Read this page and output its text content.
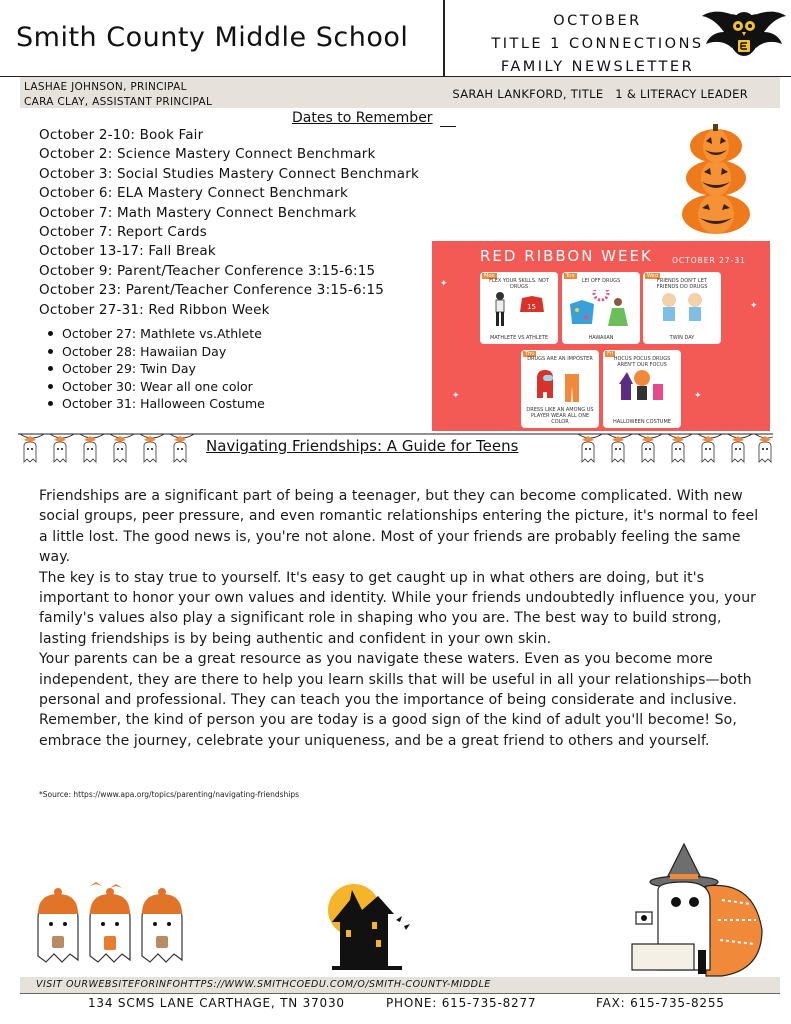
Smith County Middle School
OCTOBER
TITLE 1 CONNECTIONS
FAMILY NEWSLETTER
LASHAE JOHNSON, PRINCIPAL
CARA CLAY, ASSISTANT PRINCIPAL
SARAH LANKFORD, TITLE   1 & LITERACY LEADER
Dates to Remember
October 2-10: Book Fair
October 2: Science Mastery Connect Benchmark
October 3: Social Studies Mastery Connect Benchmark
October 6: ELA Mastery Connect Benchmark
October 7: Math Mastery Connect Benchmark
October 7: Report Cards
October 13-17: Fall Break
October 9: Parent/Teacher Conference 3:15-6:15
October 23: Parent/Teacher Conference 3:15-6:15
October 27-31: Red Ribbon Week
October 27: Mathlete vs.Athlete
October 28: Hawaiian Day
October 29: Twin Day
October 30: Wear all one color
October 31: Halloween Costume
RED RIBBON WEEK	OCTOBER 27-31
✦
✦
✦	✦
Mon
FLEX YOUR SKILLS. NOT DRUGS
15
MATHLETE VS ATHLETE
Tue
LEI OFF DRUGS
HAWAIIAN
Wed
FRIENDS DON'T LET FRIENDS DO DRUGS
TWIN DAY
Thu
DRUGS ARE AN IMPOSTER
DRESS LIKE AN AMONG US PLAYER WEAR ALL ONE COLOR
Fri
HOCUS POCUS DRUGS AREN'T OUR FOCUS
HALLOWEEN COSTUME
Navigating Friendships: A Guide for Teens

Friendships are a significant part of being a teenager, but they can become complicated. With new social groups, peer pressure, and even romantic relationships entering the picture, it's normal to feel a little lost. The good news is, you're not alone. Most of your friends are probably feeling the same way.

The key is to stay true to yourself. It's easy to get caught up in what others are doing, but it's important to honor your own values and identity. While your friends undoubtedly influence you, your family's values also play a significant role in shaping who you are. The best way to build strong, lasting friendships is by being authentic and confident in your own skin.

Your parents can be a great resource as you navigate these waters. Even as you become more independent, they are there to help you learn skills that will be useful in all your relationships—both personal and professional. They can teach you the importance of being considerate and inclusive. Remember, the kind of person you are today is a good sign of the kind of adult you'll become! So, embrace the journey, celebrate your uniqueness, and be a great friend to others and yourself.

*Source: https://www.apa.org/topics/parenting/navigating-friendships
VISIT OURWEBSITEFORINFOHTTPS://WWW.SMITHCOEDU.COM/O/SMITH-COUNTY-MIDDLE
134 SCMS LANE CARTHAGE, TN 37030	PHONE: 615-735-8277	FAX: 615-735-8255
